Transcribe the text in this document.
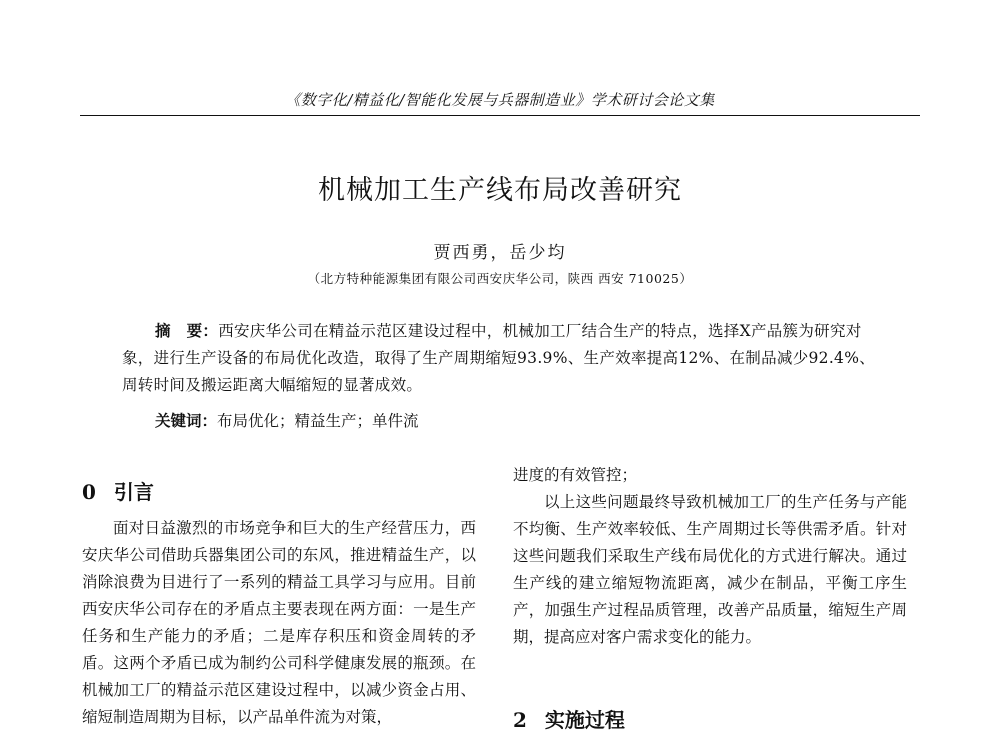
《数字化/精益化/智能化发展与兵器制造业》学术研讨会论文集
机械加工生产线布局改善研究
贾西勇，岳少均
（北方特种能源集团有限公司西安庆华公司，陕西 西安 710025）
摘　要：西安庆华公司在精益示范区建设过程中，机械加工厂结合生产的特点，选择X产品簇为研究对象，进行生产设备的布局优化改造，取得了生产周期缩短93.9%、生产效率提高12%、在制品减少92.4%、周转时间及搬运距离大幅缩短的显著成效。
关键词：布局优化；精益生产；单件流
0 引言

面对日益激烈的市场竞争和巨大的生产经营压力，西安庆华公司借助兵器集团公司的东风，推进精益生产，以消除浪费为目进行了一系列的精益工具学习与应用。目前西安庆华公司存在的矛盾点主要表现在两方面：一是生产任务和生产能力的矛盾；二是库存积压和资金周转的矛盾。这两个矛盾已成为制约公司科学健康发展的瓶颈。在机械加工厂的精益示范区建设过程中，以减少资金占用、缩短制造周期为目标，以产品单件流为对策，

进度的有效管控；

以上这些问题最终导致机械加工厂的生产任务与产能不均衡、生产效率较低、生产周期过长等供需矛盾。针对这些问题我们采取生产线布局优化的方式进行解决。通过生产线的建立缩短物流距离，减少在制品，平衡工序生产，加强生产过程品质管理，改善产品质量，缩短生产周期，提高应对客户需求变化的能力。

2 实施过程
